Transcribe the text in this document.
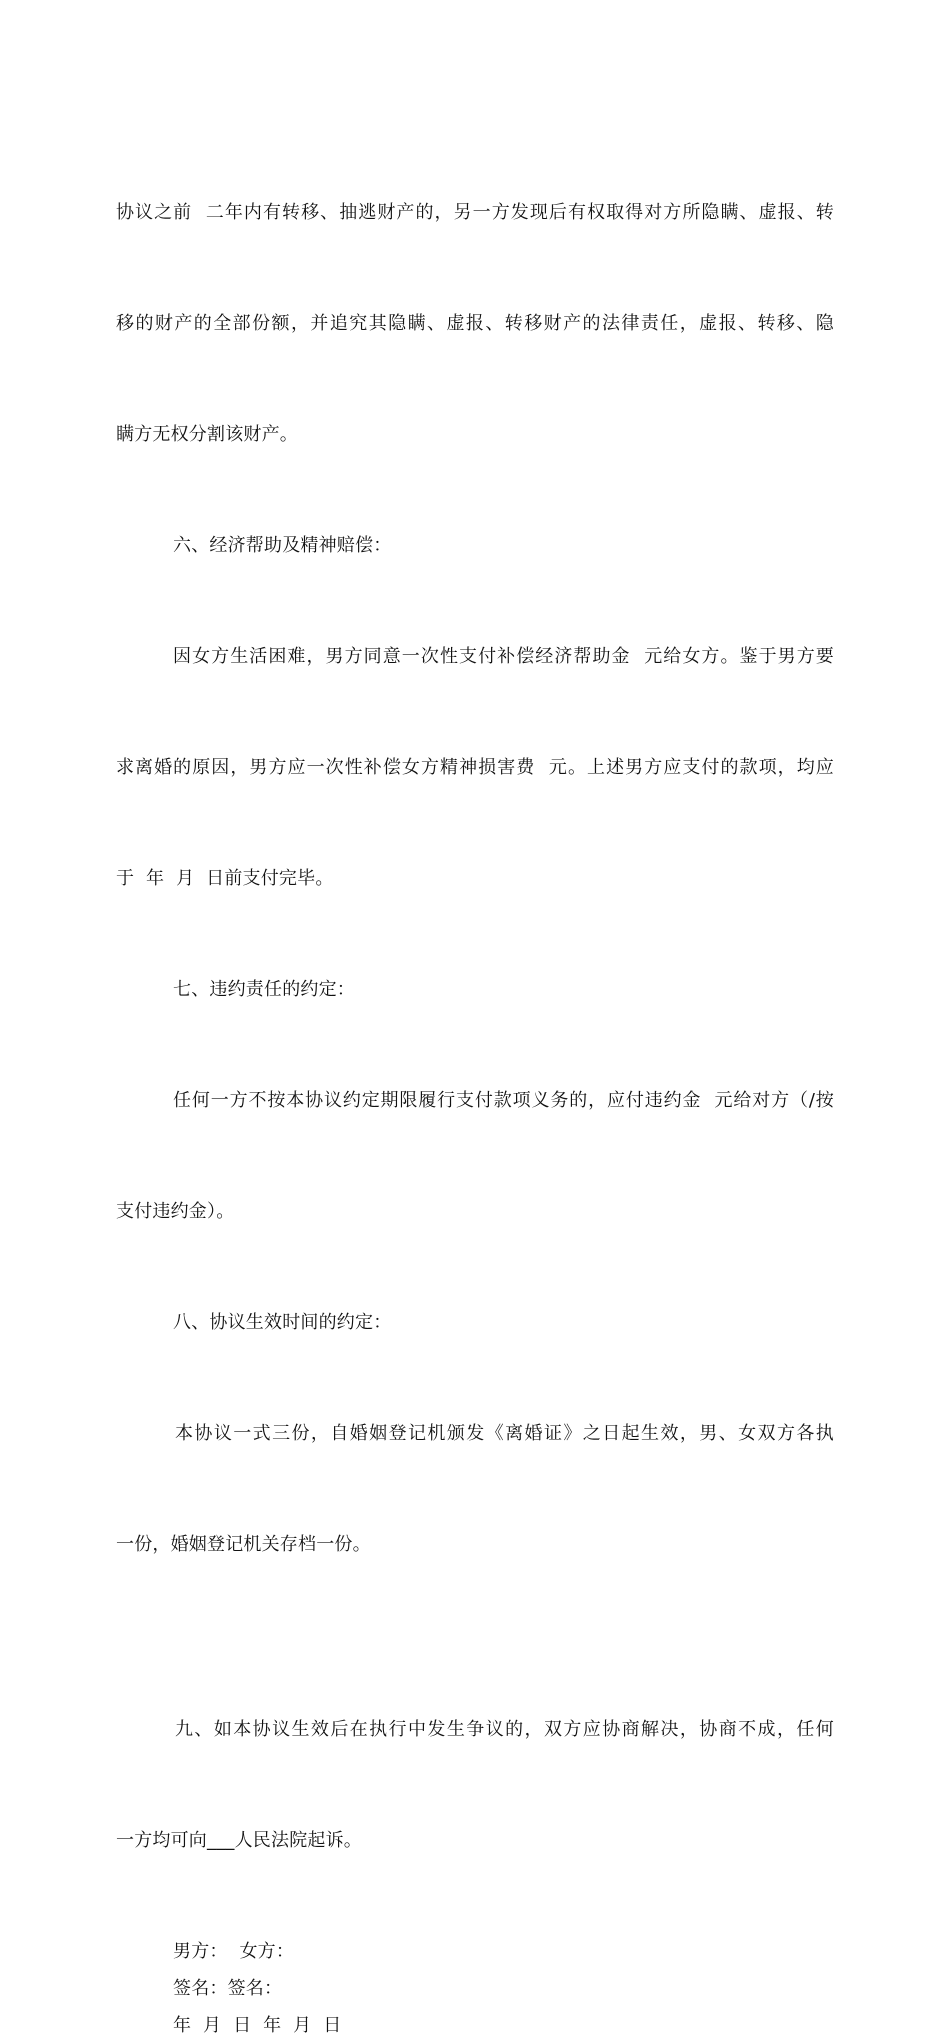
协议之前  二年内有转移、抽逃财产的，另一方发现后有权取得对方所隐瞒、虚报、转

移的财产的全部份额，并追究其隐瞒、虚报、转移财产的法律责任，虚报、转移、隐

瞒方无权分割该财产。

六、经济帮助及精神赔偿：

因女方生活困难，男方同意一次性支付补偿经济帮助金  元给女方。鉴于男方要

求离婚的原因，男方应一次性补偿女方精神损害费  元。上述男方应支付的款项，均应

于  年  月  日前支付完毕。

七、违约责任的约定：

任何一方不按本协议约定期限履行支付款项义务的，应付违约金  元给对方（/按

支付违约金）。

八、协议生效时间的约定：

本协议一式三份，自婚姻登记机颁发《离婚证》之日起生效，男、女双方各执

一份，婚姻登记机关存档一份。

九、如本协议生效后在执行中发生争议的，双方应协商解决，协商不成，任何

一方均可向___人民法院起诉。

男方：  女方：

签名：签名：

年  月  日  年  月  日
